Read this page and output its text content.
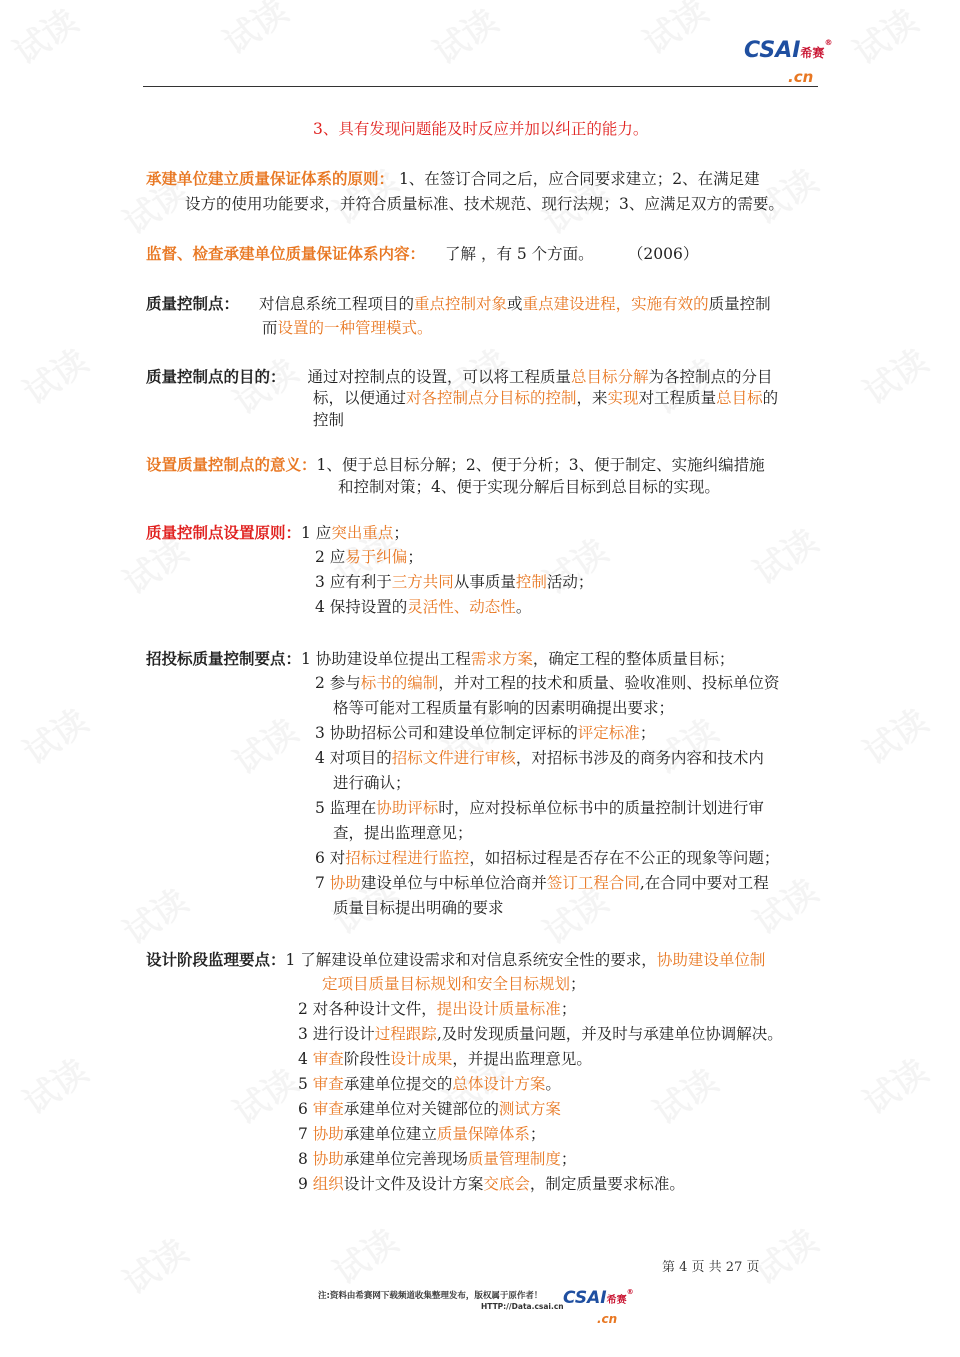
CSAI希赛®
.cn
3、具有发现问题能及时反应并加以纠正的能力。
承建单位建立质量保证体系的原则： 1、在签订合同之后，应合同要求建立；2、在满足建
设方的使用功能要求，并符合质量标准、技术规范、现行法规；3、应满足双方的需要。
监督、检查承建单位质量保证体系内容： 了解 ，有 5 个方面。	（2006）
质量控制点： 对信息系统工程项目的重点控制对象或重点建设进程，实施有效的质量控制
而设置的一种管理模式。
质量控制点的目的： 通过对控制点的设置，可以将工程质量总目标分解为各控制点的分目
标，以便通过对各控制点分目标的控制，来实现对工程质量总目标的
控制
设置质量控制点的意义：1、便于总目标分解；2、便于分析；3、便于制定、实施纠编措施
和控制对策；4、便于实现分解后目标到总目标的实现。
质量控制点设置原则：1 应突出重点；
2 应易于纠偏；
3 应有利于三方共同从事质量控制活动；
4 保持设置的灵活性、动态性。
招投标质量控制要点：1 协助建设单位提出工程需求方案，确定工程的整体质量目标；
2 参与标书的编制，并对工程的技术和质量、验收准则、投标单位资
格等可能对工程质量有影响的因素明确提出要求；
3 协助招标公司和建设单位制定评标的评定标准；
4 对项目的招标文件进行审核，对招标书涉及的商务内容和技术内
进行确认；
5 监理在协助评标时，应对投标单位标书中的质量控制计划进行审
查，提出监理意见；
6 对招标过程进行监控，如招标过程是否存在不公正的现象等问题；
7 协助建设单位与中标单位洽商并签订工程合同,在合同中要对工程
质量目标提出明确的要求
设计阶段监理要点：1 了解建设单位建设需求和对信息系统安全性的要求，协助建设单位制
定项目质量目标规划和安全目标规划；
2 对各种设计文件，提出设计质量标准；
3 进行设计过程跟踪,及时发现质量问题，并及时与承建单位协调解决。
4 审查阶段性设计成果，并提出监理意见。
5 审查承建单位提交的总体设计方案。
6 审查承建单位对关键部位的测试方案
7 协助承建单位建立质量保障体系；
8 协助承建单位完善现场质量管理制度；
9 组织设计文件及设计方案交底会，制定质量要求标准。
第 4 页 共 27 页
注:资料由希赛网下载频道收集整理发布，版权属于原作者！
HTTP://Data.csai.cn CSAI希赛®
.cn
